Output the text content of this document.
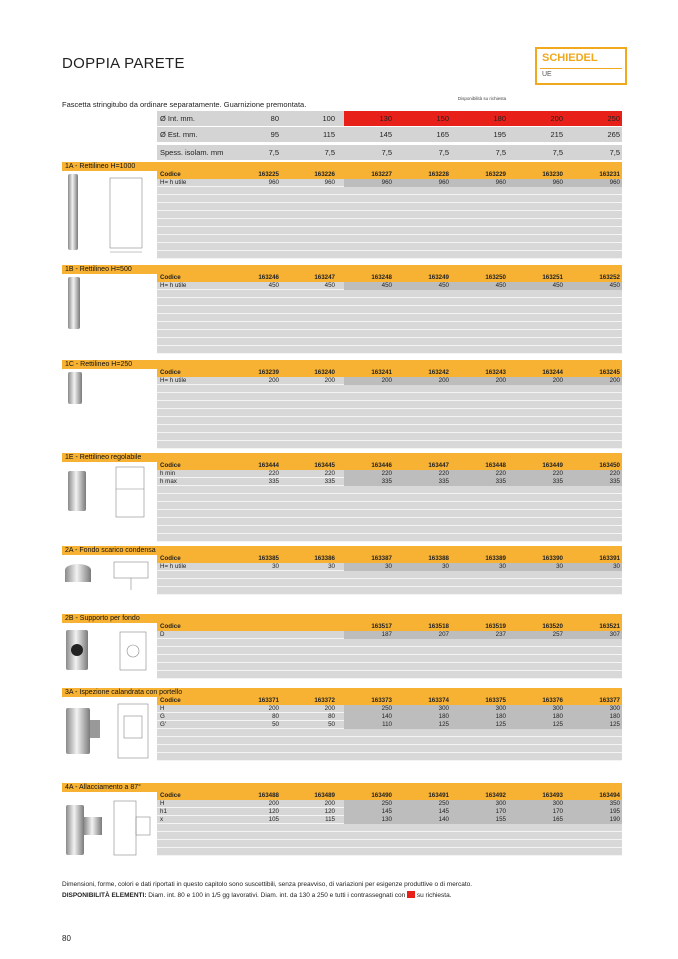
DOPPIA PARETE	SCHIEDEL
UE
Fascetta stringitubo da ordinare separatamente. Guarnizione premontata.
Disponibilità su richiesta
Ø Int. mm.	80	100	130	150	180	200	250
Ø Est. mm.	95	115	145	165	195	215	265
Spess. isolam. mm	7,5	7,5	7,5	7,5	7,5	7,5	7,5
1A - Rettilineo H=1000
Codice	163225	163226	163227	163228	163229	163230	163231
H= h utile	960	960	960	960	960	960	960
1B - Rettilineo H=500
Codice	163246	163247	163248	163249	163250	163251	163252
H= h utile	450	450	450	450	450	450	450
1C - Rettilineo H=250
Codice	163239	163240	163241	163242	163243	163244	163245
H= h utile	200	200	200	200	200	200	200
1E - Rettilineo regolabile
Codice	163444	163445	163446	163447	163448	163449	163450
h min	220	220	220	220	220	220	220
h max	335	335	335	335	335	335	335
2A - Fondo scarico condensa
Codice	163385	163386	163387	163388	163389	163390	163391
H= h utile	30	30	30	30	30	30	30
2B - Supporto per fondo
Codice	163517	163518	163519	163520	163521
D	187	207	237	257	307
3A - Ispezione calandrata con portello
Codice	163371	163372	163373	163374	163375	163376	163377
H	200	200	250	300	300	300	300
G	80	80	140	180	180	180	180
G'	50	50	110	125	125	125	125
4A - Allacciamento a 87°
Codice	163488	163489	163490	163491	163492	163493	163494
H	200	200	250	250	300	300	350
h1	120	120	145	145	170	170	195
x	105	115	130	140	155	165	190
Dimensioni, forme, colori e dati riportati in questo capitolo sono suscettibili, senza preavviso, di variazioni per esigenze produttive o di mercato.
DISPONIBILITÀ ELEMENTI: Diam. int. 80 e 100 in 1/5 gg lavorativi. Diam. int. da 130 a 250 e tutti i contrassegnati con  su richiesta.
80
